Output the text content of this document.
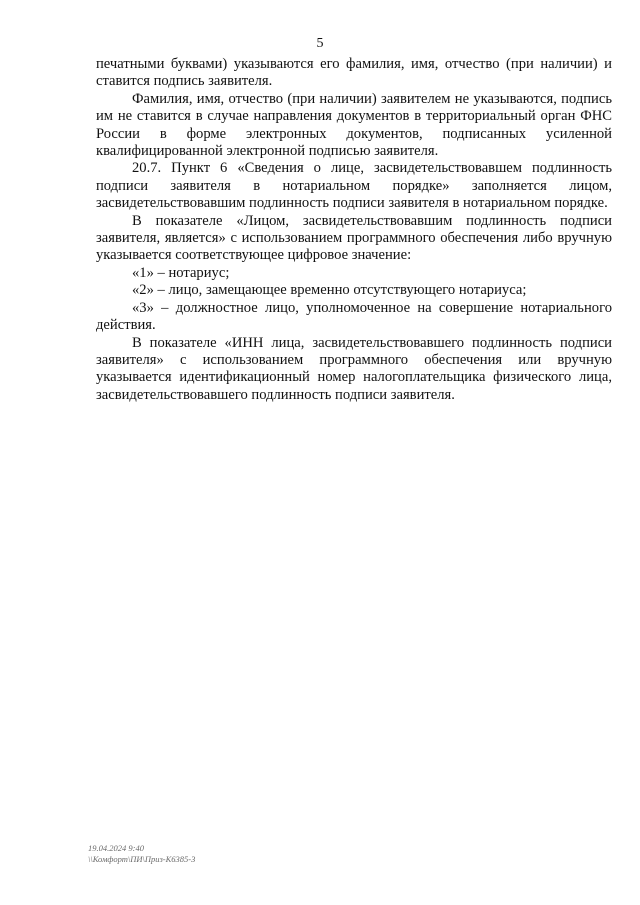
5

печатными буквами) указываются его фамилия, имя, отчество (при наличии) и ставится подпись заявителя.

Фамилия, имя, отчество (при наличии) заявителем не указываются, подпись им не ставится в случае направления документов в территориальный орган ФНС России в форме электронных документов, подписанных усиленной квалифицированной электронной подписью заявителя.

20.7. Пункт 6 «Сведения о лице, засвидетельствовавшем подлинность подписи заявителя в нотариальном порядке» заполняется лицом, засвидетельствовавшим подлинность подписи заявителя в нотариальном порядке.

В показателе «Лицом, засвидетельствовавшим подлинность подписи заявителя, является» с использованием программного обеспечения либо вручную указывается соответствующее цифровое значение:

«1» – нотариус;

«2» – лицо, замещающее временно отсутствующего нотариуса;

«3» – должностное лицо, уполномоченное на совершение нотариального действия.

В показателе «ИНН лица, засвидетельствовавшего подлинность подписи заявителя» с использованием программного обеспечения или вручную указывается идентификационный номер налогоплательщика физического лица, засвидетельствовавшего подлинность подписи заявителя.

19.04.2024 9:40
\\Комфорт\ПИ\Приз-К6385-3
